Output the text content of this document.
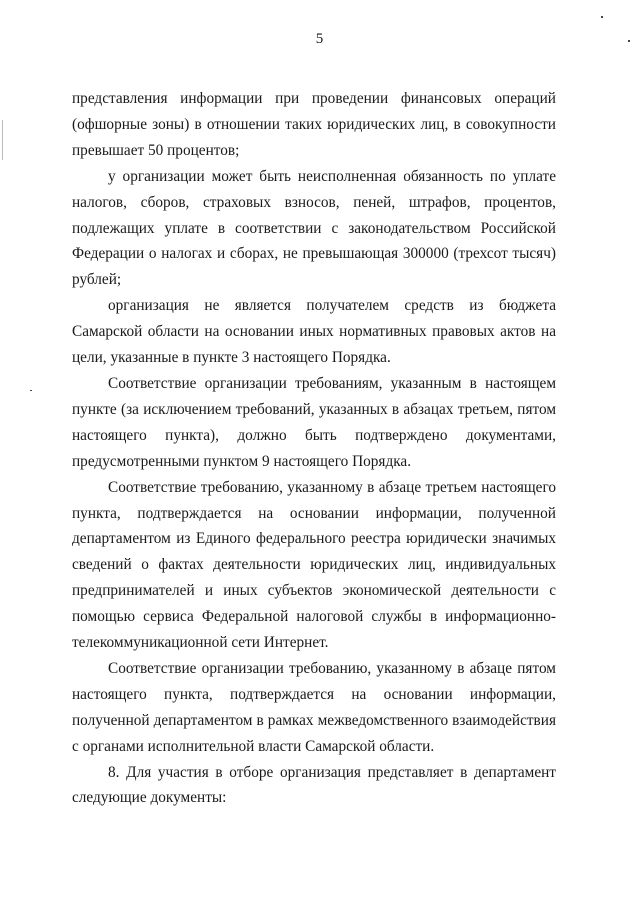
5

представления информации при проведении финансовых операций (офшорные зоны) в отношении таких юридических лиц, в совокупности превышает 50 процентов;

у организации может быть неисполненная обязанность по уплате налогов, сборов, страховых взносов, пеней, штрафов, процентов, подлежащих уплате в соответствии с законодательством Российской Федерации о налогах и сборах, не превышающая 300000 (трехсот тысяч) рублей;

организация не является получателем средств из бюджета Самарской области на основании иных нормативных правовых актов на цели, указанные в пункте 3 настоящего Порядка.

Соответствие организации требованиям, указанным в настоящем пункте (за исключением требований, указанных в абзацах третьем, пятом настоящего пункта), должно быть подтверждено документами, предусмотренными пунктом 9 настоящего Порядка.

Соответствие требованию, указанному в абзаце третьем настоящего пункта, подтверждается на основании информации, полученной департаментом из Единого федерального реестра юридически значимых сведений о фактах деятельности юридических лиц, индивидуальных предпринимателей и иных субъектов экономической деятельности с помощью сервиса Федеральной налоговой службы в информационно-телекоммуникационной сети Интернет.

Соответствие организации требованию, указанному в абзаце пятом настоящего пункта, подтверждается на основании информации, полученной департаментом в рамках межведомственного взаимодействия с органами исполнительной власти Самарской области.

8. Для участия в отборе организация представляет в департамент следующие документы:
